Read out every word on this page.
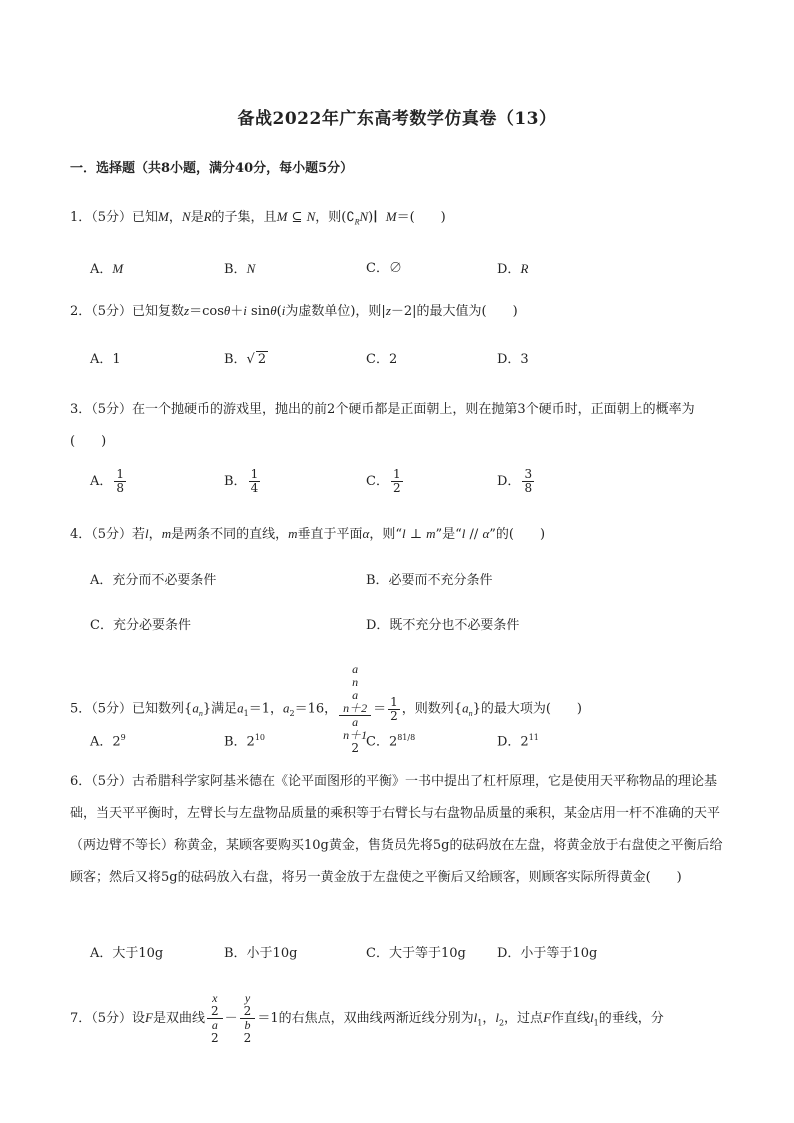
备战2022年广东高考数学仿真卷（13）
一．选择题（共8小题，满分40分，每小题5分）
1．（5分）已知M，N是R的子集，且M ⊆ N，则$(∁_RN)∣$ M＝(　　)
A．M	B．N	C．∅	D．R
2．（5分）已知复数z＝cosθ＋i sinθ(i为虚数单位)，则|z－2|的最大值为(　　)
A．1	B．√ 2	C．2	D．3
3．（5分）在一个抛硬币的游戏里，抛出的前2个硬币都是正面朝上，则在抛第3个硬币时，正面朝上的概率为(　　)
A． $\frac{1}{8}$	B． $\frac{1}{4}$	C． $\frac{1}{2}$	D． $\frac{3}{8}$
4．（5分）若l，m是两条不同的直线，m垂直于平面α，则“l ⊥ m”是“l // α”的(　　)
A．充分而不必要条件	B．必要而不充分条件
C．充分必要条件	D．既不充分也不必要条件
5．（5分）已知数列$\{a_n\}$满足$a_1=1$，$a_2=16$， a
n
a
n＋2
a
n＋1
$2 = \frac{1}{2}$ ，则数列$\{a_n\}$的最大项为(　　)
A．$2^9$	B．$2^{10}$	C．$2^{81/8}$	D．$2^{11}$
6．（5分）古希腊科学家阿基米德在《论平面图形的平衡》一书中提出了杠杆原理，它是使用天平称物品的理论基础，当天平平衡时，左臂长与左盘物品质量的乘积等于右臂长与右盘物品质量的乘积，某金店用一杆不准确的天平（两边臂不等长）称黄金，某顾客要购买10g黄金，售货员先将5g的砝码放在左盘，将黄金放于右盘使之平衡后给顾客；然后又将5g的砝码放入右盘，将另一黄金放于左盘使之平衡后又给顾客，则顾客实际所得黄金(　　)
A．大于10g	B．小于10g	C．大于等于10g D．小于等于10g
7．（5分）设F是双曲线 x
2
a
2 － y
2
b
2 ＝1的右焦点，双曲线两渐近线分别为$l_1$，$l_2$，过点F作直线$l_1$的垂线，分
